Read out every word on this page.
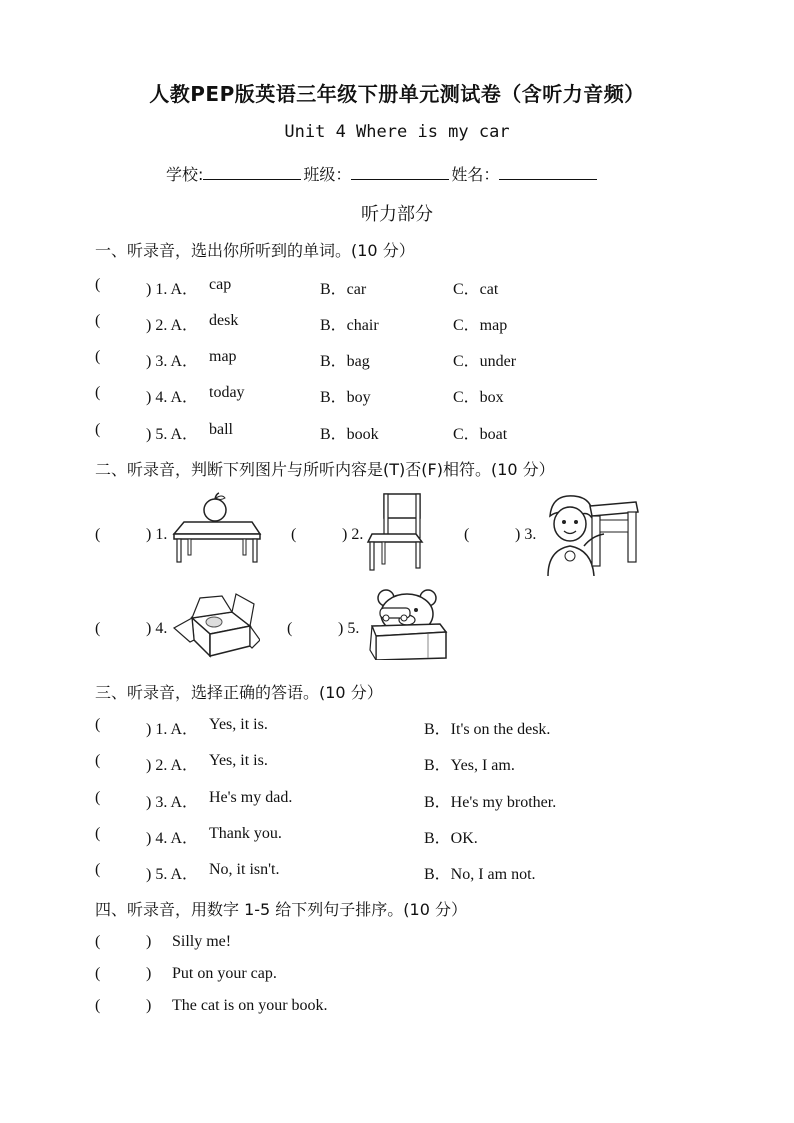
人教PEP版英语三年级下册单元测试卷（含听力音频）
Unit 4 Where is my car
学校:	班级：	姓名：
听力部分
一、听录音，选出你所听到的单词。(10 分）
(	) 1. A． cap	B．car	C．cat
(	) 2. A． desk	B．chair	C．map
(	) 3. A． map	B．bag	C．under
(	) 4. A． today	B．boy	C．box
(	) 5. A． ball	B．book	C．boat
二、听录音，判断下列图片与所听内容是(T)否(F)相符。(10 分）
(	) 1.	(	) 2.	(	) 3.
(	) 4.	(	) 5.
三、听录音，选择正确的答语。(10 分）
(	) 1. A． Yes, it is.	B．It's on the desk.
(	) 2. A． Yes, it is.	B．Yes, I am.
(	) 3. A． He's my dad.	B．He's my brother.
(	) 4. A． Thank you.	B．OK.
(	) 5. A． No, it isn't.	B．No, I am not.
四、听录音，用数字 1-5 给下列句子排序。(10 分）
(	) Silly me!
(	) Put on your cap.
(	) The cat is on your book.
